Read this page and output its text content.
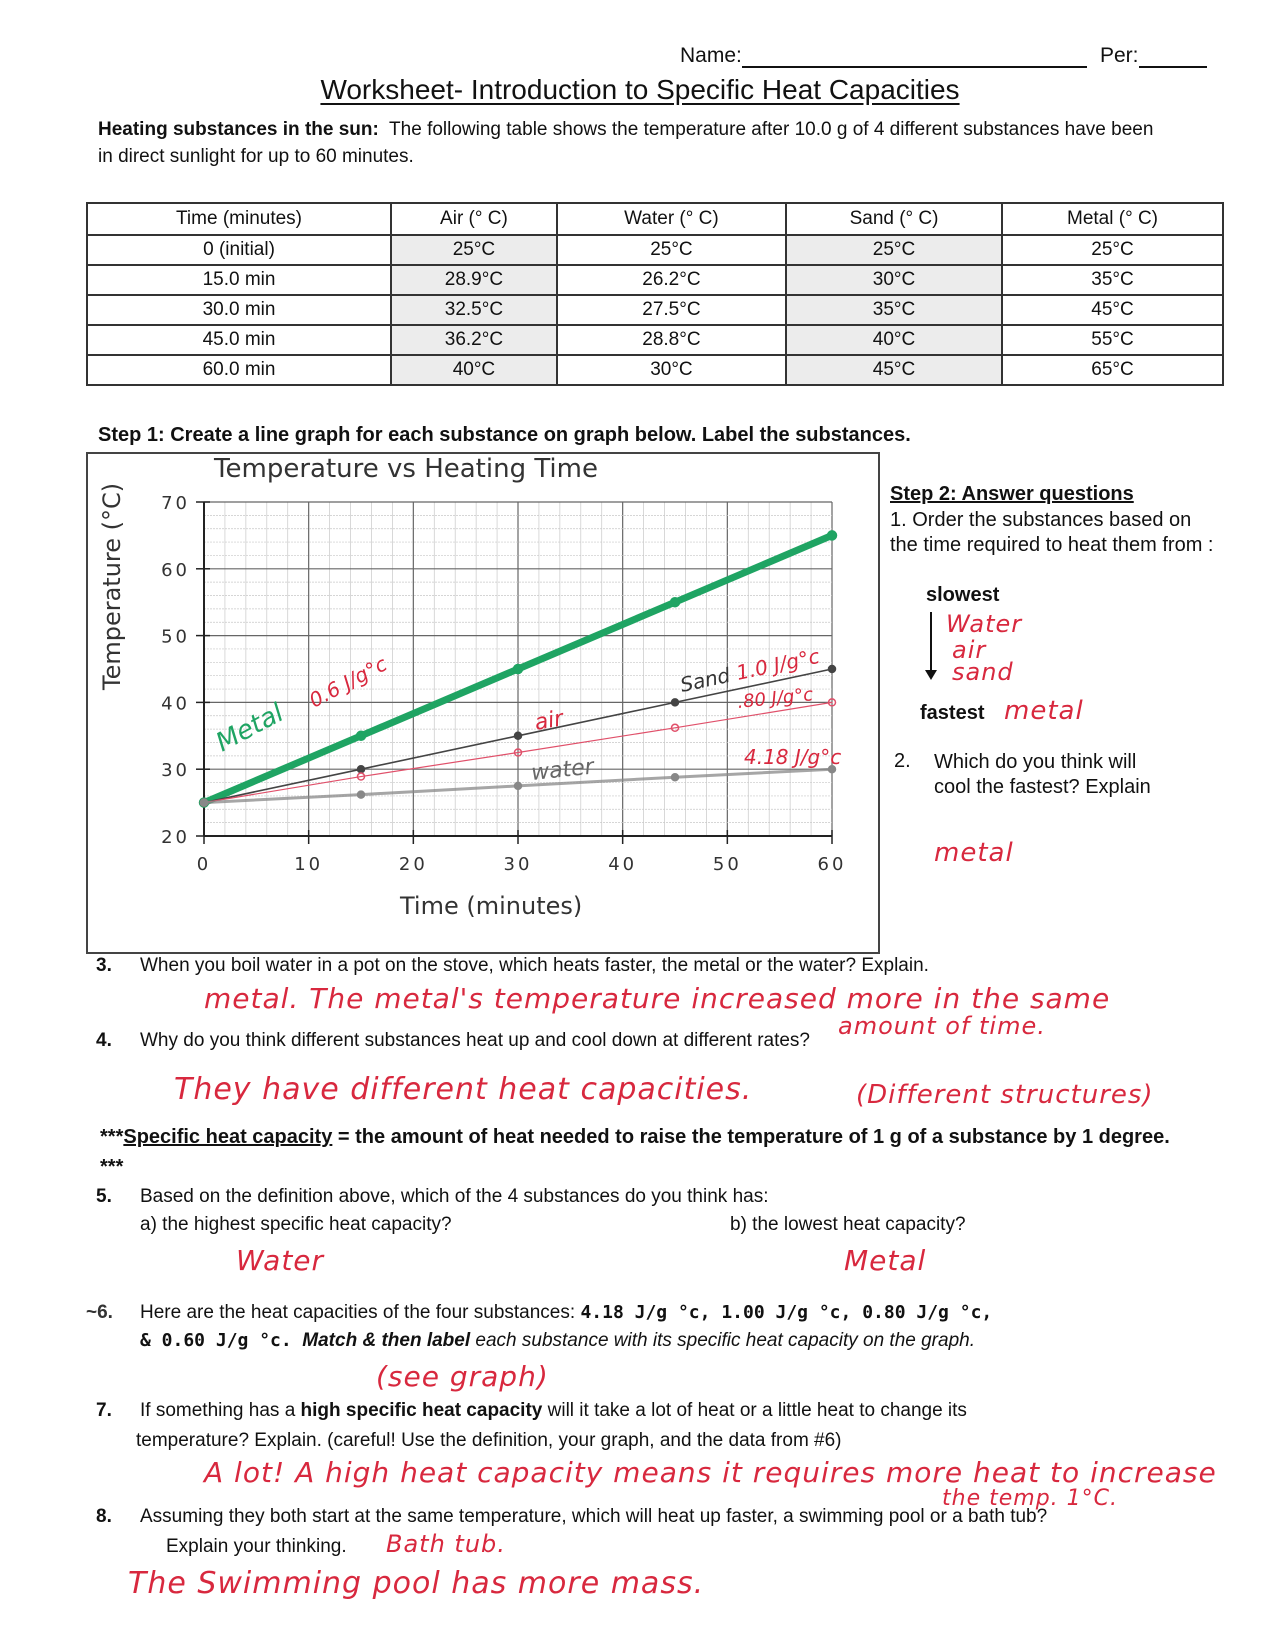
Name:	Per:
Worksheet- Introduction to Specific Heat Capacities
Heating substances in the sun: The following table shows the temperature after 10.0 g of 4 different substances have been in direct sunlight for up to 60 minutes.
Time (minutes)	Air (° C)	Water (° C)	Sand (° C)	Metal (° C)
0 (initial)	25°C	25°C	25°C	25°C
15.0 min	28.9°C	26.2°C	30°C	35°C
30.0 min	32.5°C	27.5°C	35°C	45°C
45.0 min	36.2°C	28.8°C	40°C	55°C
60.0 min	40°C	30°C	45°C	65°C
Step 1: Create a line graph for each substance on graph below. Label the substances.
Temperature vs Heating Time
Temperature (°C)
Time (minutes)
0	10	20	30	40	50	60
20
30
40
50
60
70
Metal
0.6 J/g°c	Sand 1.0 J/g°c
air
.80 J/g°c
water	4.18 J/g°c
Step 2: Answer questions
1. Order the substances based on the time required to heat them from :
slowest
Water
air
sand
fastest metal
2. Which do you think will cool the fastest? Explain
metal
3. When you boil water in a pot on the stove, which heats faster, the metal or the water? Explain.
metal. The metal's temperature increased more in the same
amount of time.
4. Why do you think different substances heat up and cool down at different rates?
They have different heat capacities.	(Different structures)
***Specific heat capacity = the amount of heat needed to raise the temperature of 1 g of a substance by 1 degree. ***
5. Based on the definition above, which of the 4 substances do you think has:
a) the highest specific heat capacity?	b) the lowest heat capacity?
Water	Metal
~6. Here are the heat capacities of the four substances: 4.18 J/g °c, 1.00 J/g °c, 0.80 J/g °c,
& 0.60 J/g °c. Match & then label each substance with its specific heat capacity on the graph.
(see graph)
7. If something has a high specific heat capacity will it take a lot of heat or a little heat to change its
temperature? Explain. (careful! Use the definition, your graph, and the data from #6)
A lot! A high heat capacity means it requires more heat to increase
the temp. 1°C.
8. Assuming they both start at the same temperature, which will heat up faster, a swimming pool or a bath tub?
Explain your thinking. Bath tub.
The Swimming pool has more mass.
